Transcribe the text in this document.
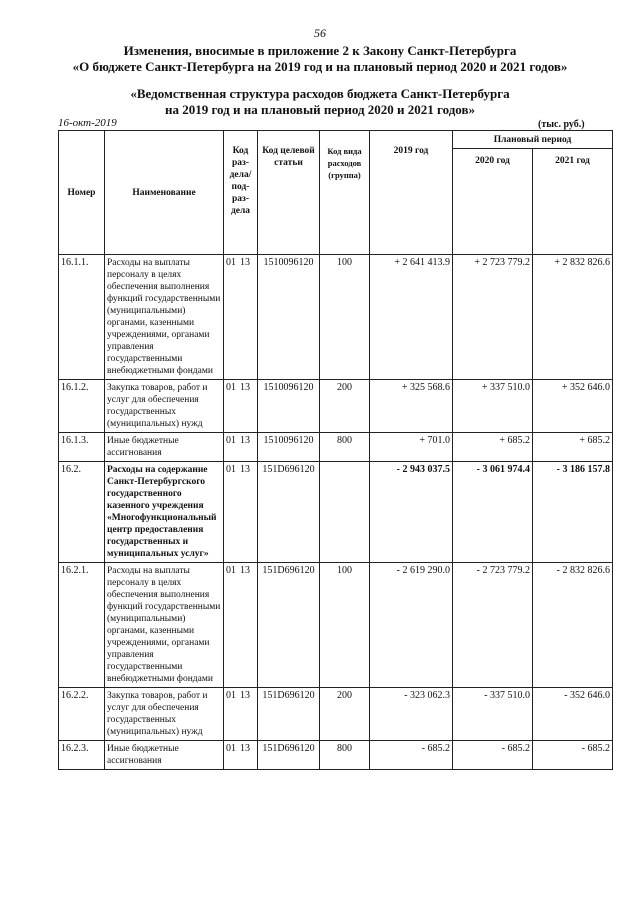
56
Изменения, вносимые в приложение 2 к Закону Санкт-Петербурга
«О бюджете Санкт-Петербурга на 2019 год и на плановый период 2020 и 2021 годов»
«Ведомственная структура расходов бюджета Санкт-Петербурга
на 2019 год и на плановый период 2020 и 2021 годов»
16-окт-2019	(тыс. руб.)
Номер	Наименование	Код раз- дела/ под- раз- дела	Код целевой статьи	Код вида расходов (группа)	2019 год	Плановый период	
						2020 год	2021 год
16.1.1.	Расходы на выплаты персоналу в целях обеспечения выполнения функций государственными (муниципальными) органами, казенными учреждениями, органами управления государственными внебюджетными фондами	01 13	1510096120	100	+ 2 641 413.9	+ 2 723 779.2	+ 2 832 826.6
16.1.2.	Закупка товаров, работ и услуг для обеспечения государственных (муниципальных) нужд	01 13	1510096120	200	+ 325 568.6	+ 337 510.0	+ 352 646.0
16.1.3.	Иные бюджетные ассигнования	01 13	1510096120	800	+ 701.0	+ 685.2	+ 685.2
16.2.	Расходы на содержание Санкт-Петербургского государственного казенного учреждения «Многофункциональный центр предоставления государственных и муниципальных услуг»	01 13	151D696120		- 2 943 037.5	- 3 061 974.4	- 3 186 157.8
16.2.1.	Расходы на выплаты персоналу в целях обеспечения выполнения функций государственными (муниципальными) органами, казенными учреждениями, органами управления государственными внебюджетными фондами	01 13	151D696120	100	- 2 619 290.0	- 2 723 779.2	- 2 832 826.6
16.2.2.	Закупка товаров, работ и услуг для обеспечения государственных (муниципальных) нужд	01 13	151D696120	200	- 323 062.3	- 337 510.0	- 352 646.0
16.2.3.	Иные бюджетные ассигнования	01 13	151D696120	800	- 685.2	- 685.2	- 685.2
